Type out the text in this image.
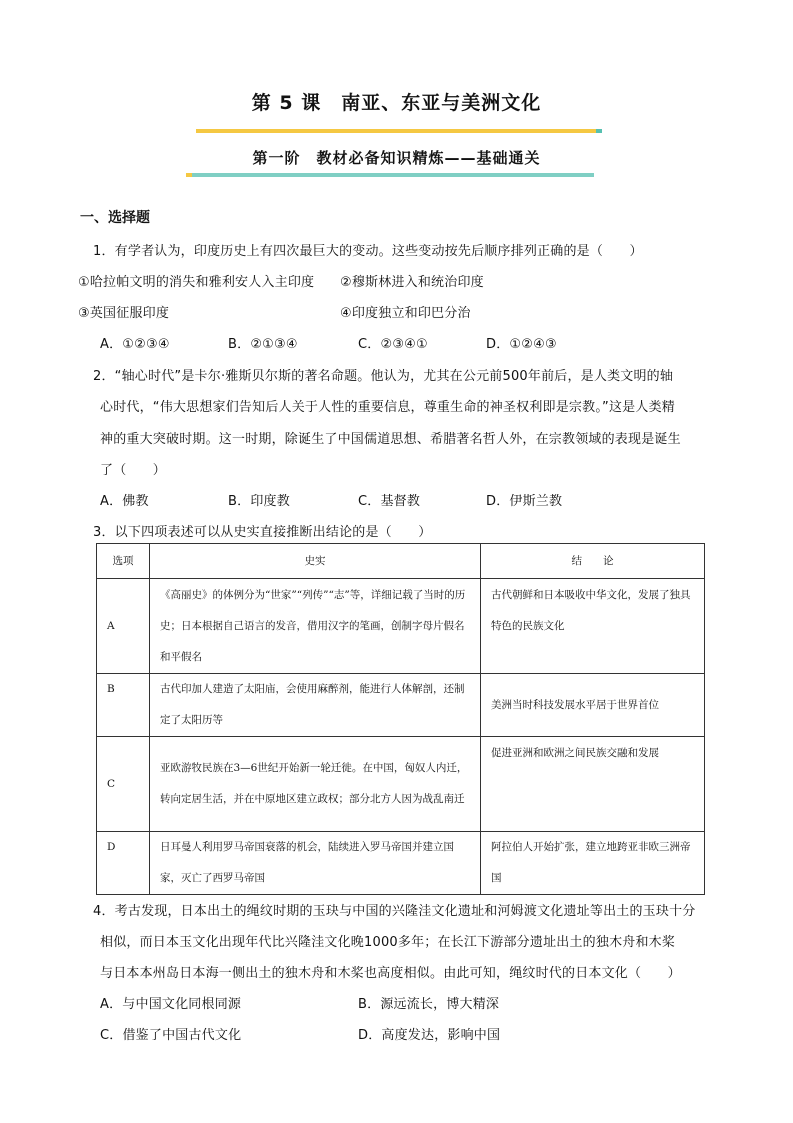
第 5 课　南亚、东亚与美洲文化
第一阶　教材必备知识精炼——基础通关
一、选择题
1．有学者认为，印度历史上有四次最巨大的变动。这些变动按先后顺序排列正确的是（　　）
①哈拉帕文明的消失和雅利安人入主印度 ②穆斯林进入和统治印度
③英国征服印度	④印度独立和印巴分治
A．①②③④	B．②①③④	C．②③④①	D．①②④③
2．“轴心时代”是卡尔·雅斯贝尔斯的著名命题。他认为，尤其在公元前500年前后，是人类文明的轴
心时代，“伟大思想家们告知后人关于人性的重要信息，尊重生命的神圣权利即是宗教。”这是人类精
神的重大突破时期。这一时期，除诞生了中国儒道思想、希腊著名哲人外，在宗教领域的表现是诞生
了（　　）
A．佛教	B．印度教	C．基督教	D．伊斯兰教
3．以下四项表述可以从史实直接推断出结论的是（　　）
选项	史实	结　　论
A	《高丽史》的体例分为“世家”“列传”“志”等，详细记载了当时的历史；日本根据自己语言的发音，借用汉字的笔画，创制字母片假名和平假名	古代朝鲜和日本吸收中华文化，发展了独具特色的民族文化
B	古代印加人建造了太阳庙，会使用麻醉剂，能进行人体解剖，还制定了太阳历等	美洲当时科技发展水平居于世界首位
C	亚欧游牧民族在3—6世纪开始新一轮迁徙。在中国，匈奴人内迁，转向定居生活，并在中原地区建立政权；部分北方人因为战乱南迁	促进亚洲和欧洲之间民族交融和发展
D	日耳曼人利用罗马帝国衰落的机会，陆续进入罗马帝国并建立国家，灭亡了西罗马帝国	阿拉伯人开始扩张，建立地跨亚非欧三洲帝国
4．考古发现，日本出土的绳纹时期的玉玦与中国的兴隆洼文化遗址和河姆渡文化遗址等出土的玉玦十分
相似，而日本玉文化出现年代比兴隆洼文化晚1000多年；在长江下游部分遗址出土的独木舟和木桨
与日本本州岛日本海一侧出土的独木舟和木桨也高度相似。由此可知，绳纹时代的日本文化（　　）
A．与中国文化同根同源	B．源远流长，博大精深
C．借鉴了中国古代文化	D．高度发达，影响中国
